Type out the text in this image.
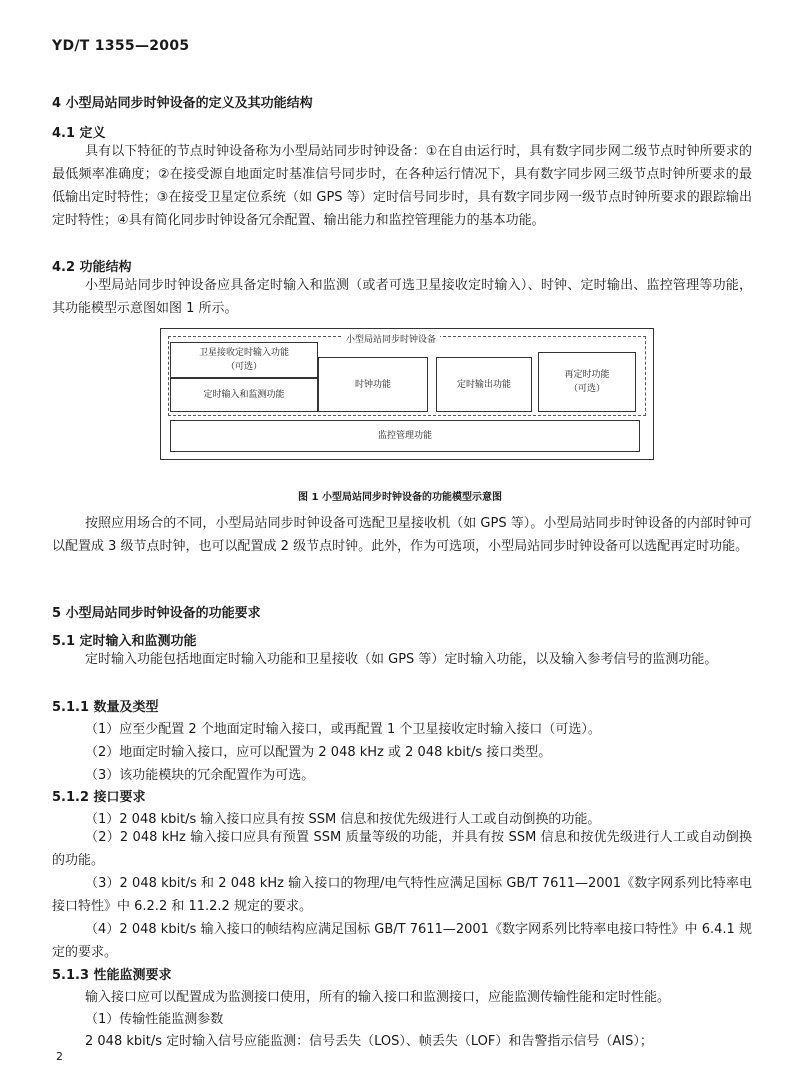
YD/T 1355—2005
4 小型局站同步时钟设备的定义及其功能结构
4.1 定义

具有以下特征的节点时钟设备称为小型局站同步时钟设备：①在自由运行时，具有数字同步网二级节点时钟所要求的最低频率准确度；②在接受源自地面定时基准信号同步时，在各种运行情况下，具有数字同步网三级节点时钟所要求的最低输出定时特性；③在接受卫星定位系统（如 GPS 等）定时信号同步时，具有数字同步网一级节点时钟所要求的跟踪输出定时特性；④具有简化同步时钟设备冗余配置、输出能力和监控管理能力的基本功能。

4.2 功能结构

小型局站同步时钟设备应具备定时输入和监测（或者可选卫星接收定时输入）、时钟、定时输出、监控管理等功能，其功能模型示意图如图 1 所示。

小型局站同步时钟设备
卫星接收定时输入功能
（可选）
定时输入和监测功能
时钟功能	定时输出功能
再定时功能
（可选）
监控管理功能
图 1 小型局站同步时钟设备的功能模型示意图

按照应用场合的不同，小型局站同步时钟设备可选配卫星接收机（如 GPS 等）。小型局站同步时钟设备的内部时钟可以配置成 3 级节点时钟，也可以配置成 2 级节点时钟。此外，作为可选项，小型局站同步时钟设备可以选配再定时功能。

5 小型局站同步时钟设备的功能要求
5.1 定时输入和监测功能

定时输入功能包括地面定时输入功能和卫星接收（如 GPS 等）定时输入功能，以及输入参考信号的监测功能。

5.1.1 数量及类型
（1）应至少配置 2 个地面定时输入接口，或再配置 1 个卫星接收定时输入接口（可选）。
（2）地面定时输入接口，应可以配置为 2 048 kHz 或 2 048 kbit/s 接口类型。
（3）该功能模块的冗余配置作为可选。
5.1.2 接口要求
（1）2 048 kbit/s 输入接口应具有按 SSM 信息和按优先级进行人工或自动倒换的功能。

（2）2 048 kHz 输入接口应具有预置 SSM 质量等级的功能，并具有按 SSM 信息和按优先级进行人工或自动倒换的功能。

（3）2 048 kbit/s 和 2 048 kHz 输入接口的物理/电气特性应满足国标 GB/T 7611—2001《数字网系列比特率电接口特性》中 6.2.2 和 11.2.2 规定的要求。

（4）2 048 kbit/s 输入接口的帧结构应满足国标 GB/T 7611—2001《数字网系列比特率电接口特性》中 6.4.1 规定的要求。

5.1.3 性能监测要求
输入接口应可以配置成为监测接口使用，所有的输入接口和监测接口，应能监测传输性能和定时性能。
（1）传输性能监测参数
2 048 kbit/s 定时输入信号应能监测：信号丢失（LOS）、帧丢失（LOF）和告警指示信号（AIS）；
2
